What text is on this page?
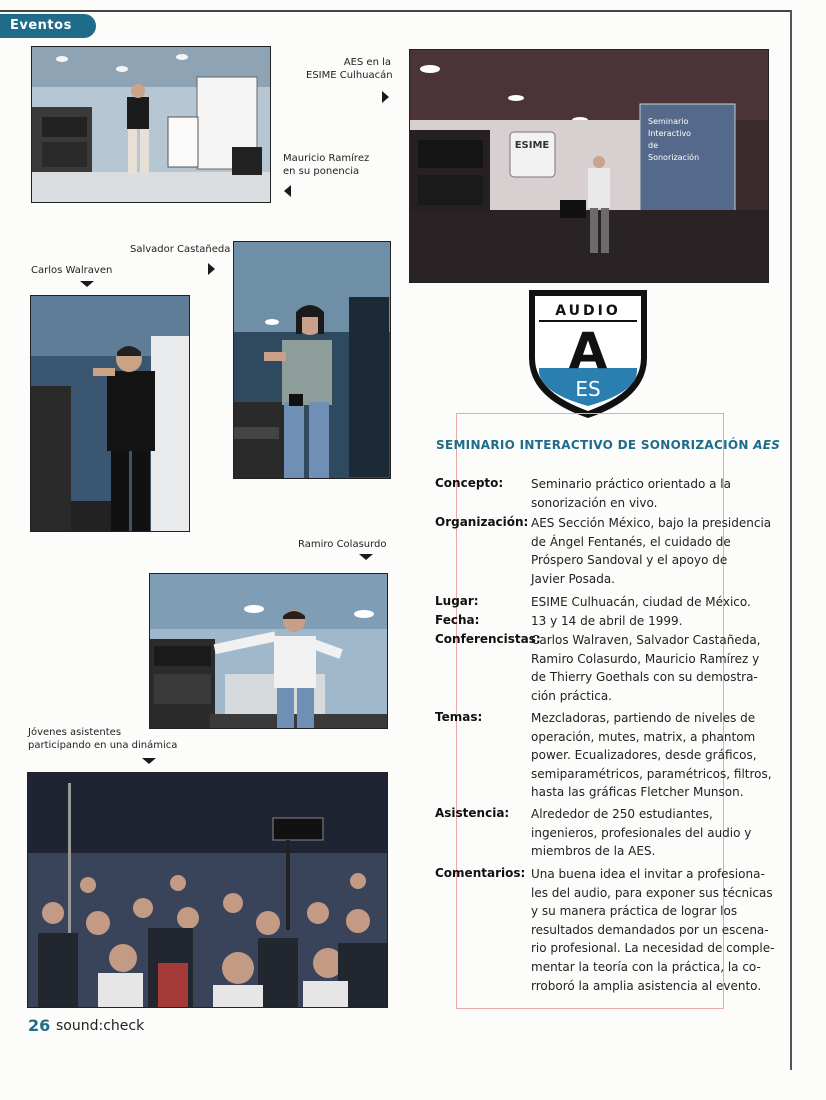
Eventos
AES en la
ESIME Culhuacán
Mauricio Ramírez
en su ponencia
ESIME
Seminario
Interactivo
de
Sonorización
AUDIO
A
ES
Salvador Castañeda
Carlos Walraven
Ramiro Colasurdo
Jóvenes asistentes
participando en una dinámica
SEMINARIO INTERACTIVO DE SONORIZACIÓN AES
Concepto: Seminario práctico orientado a la
sonorización en vivo.
Organización: AES Sección México, bajo la presidencia
de Ángel Fentanés, el cuidado de
Próspero Sandoval y el apoyo de
Javier Posada.
Lugar:	ESIME Culhuacán, ciudad de México.
Fecha:	13 y 14 de abril de 1999.
Conferencistas:
Carlos Walraven, Salvador Castañeda,
Ramiro Colasurdo, Mauricio Ramírez y
de Thierry Goethals con su demostra-
ción práctica.
Temas:	Mezcladoras, partiendo de niveles de
operación, mutes, matrix, a phantom
power. Ecualizadores, desde gráficos,
semiparamétricos, paramétricos, filtros,
hasta las gráficas Fletcher Munson.
Asistencia: Alrededor de 250 estudiantes,
ingenieros, profesionales del audio y
miembros de la AES.
Comentarios: Una buena idea el invitar a profesiona-
les del audio, para exponer sus técnicas
y su manera práctica de lograr los
resultados demandados por un escena-
rio profesional. La necesidad de comple-
mentar la teoría con la práctica, la co-
rroboró la amplia asistencia al evento.
26 sound:check
